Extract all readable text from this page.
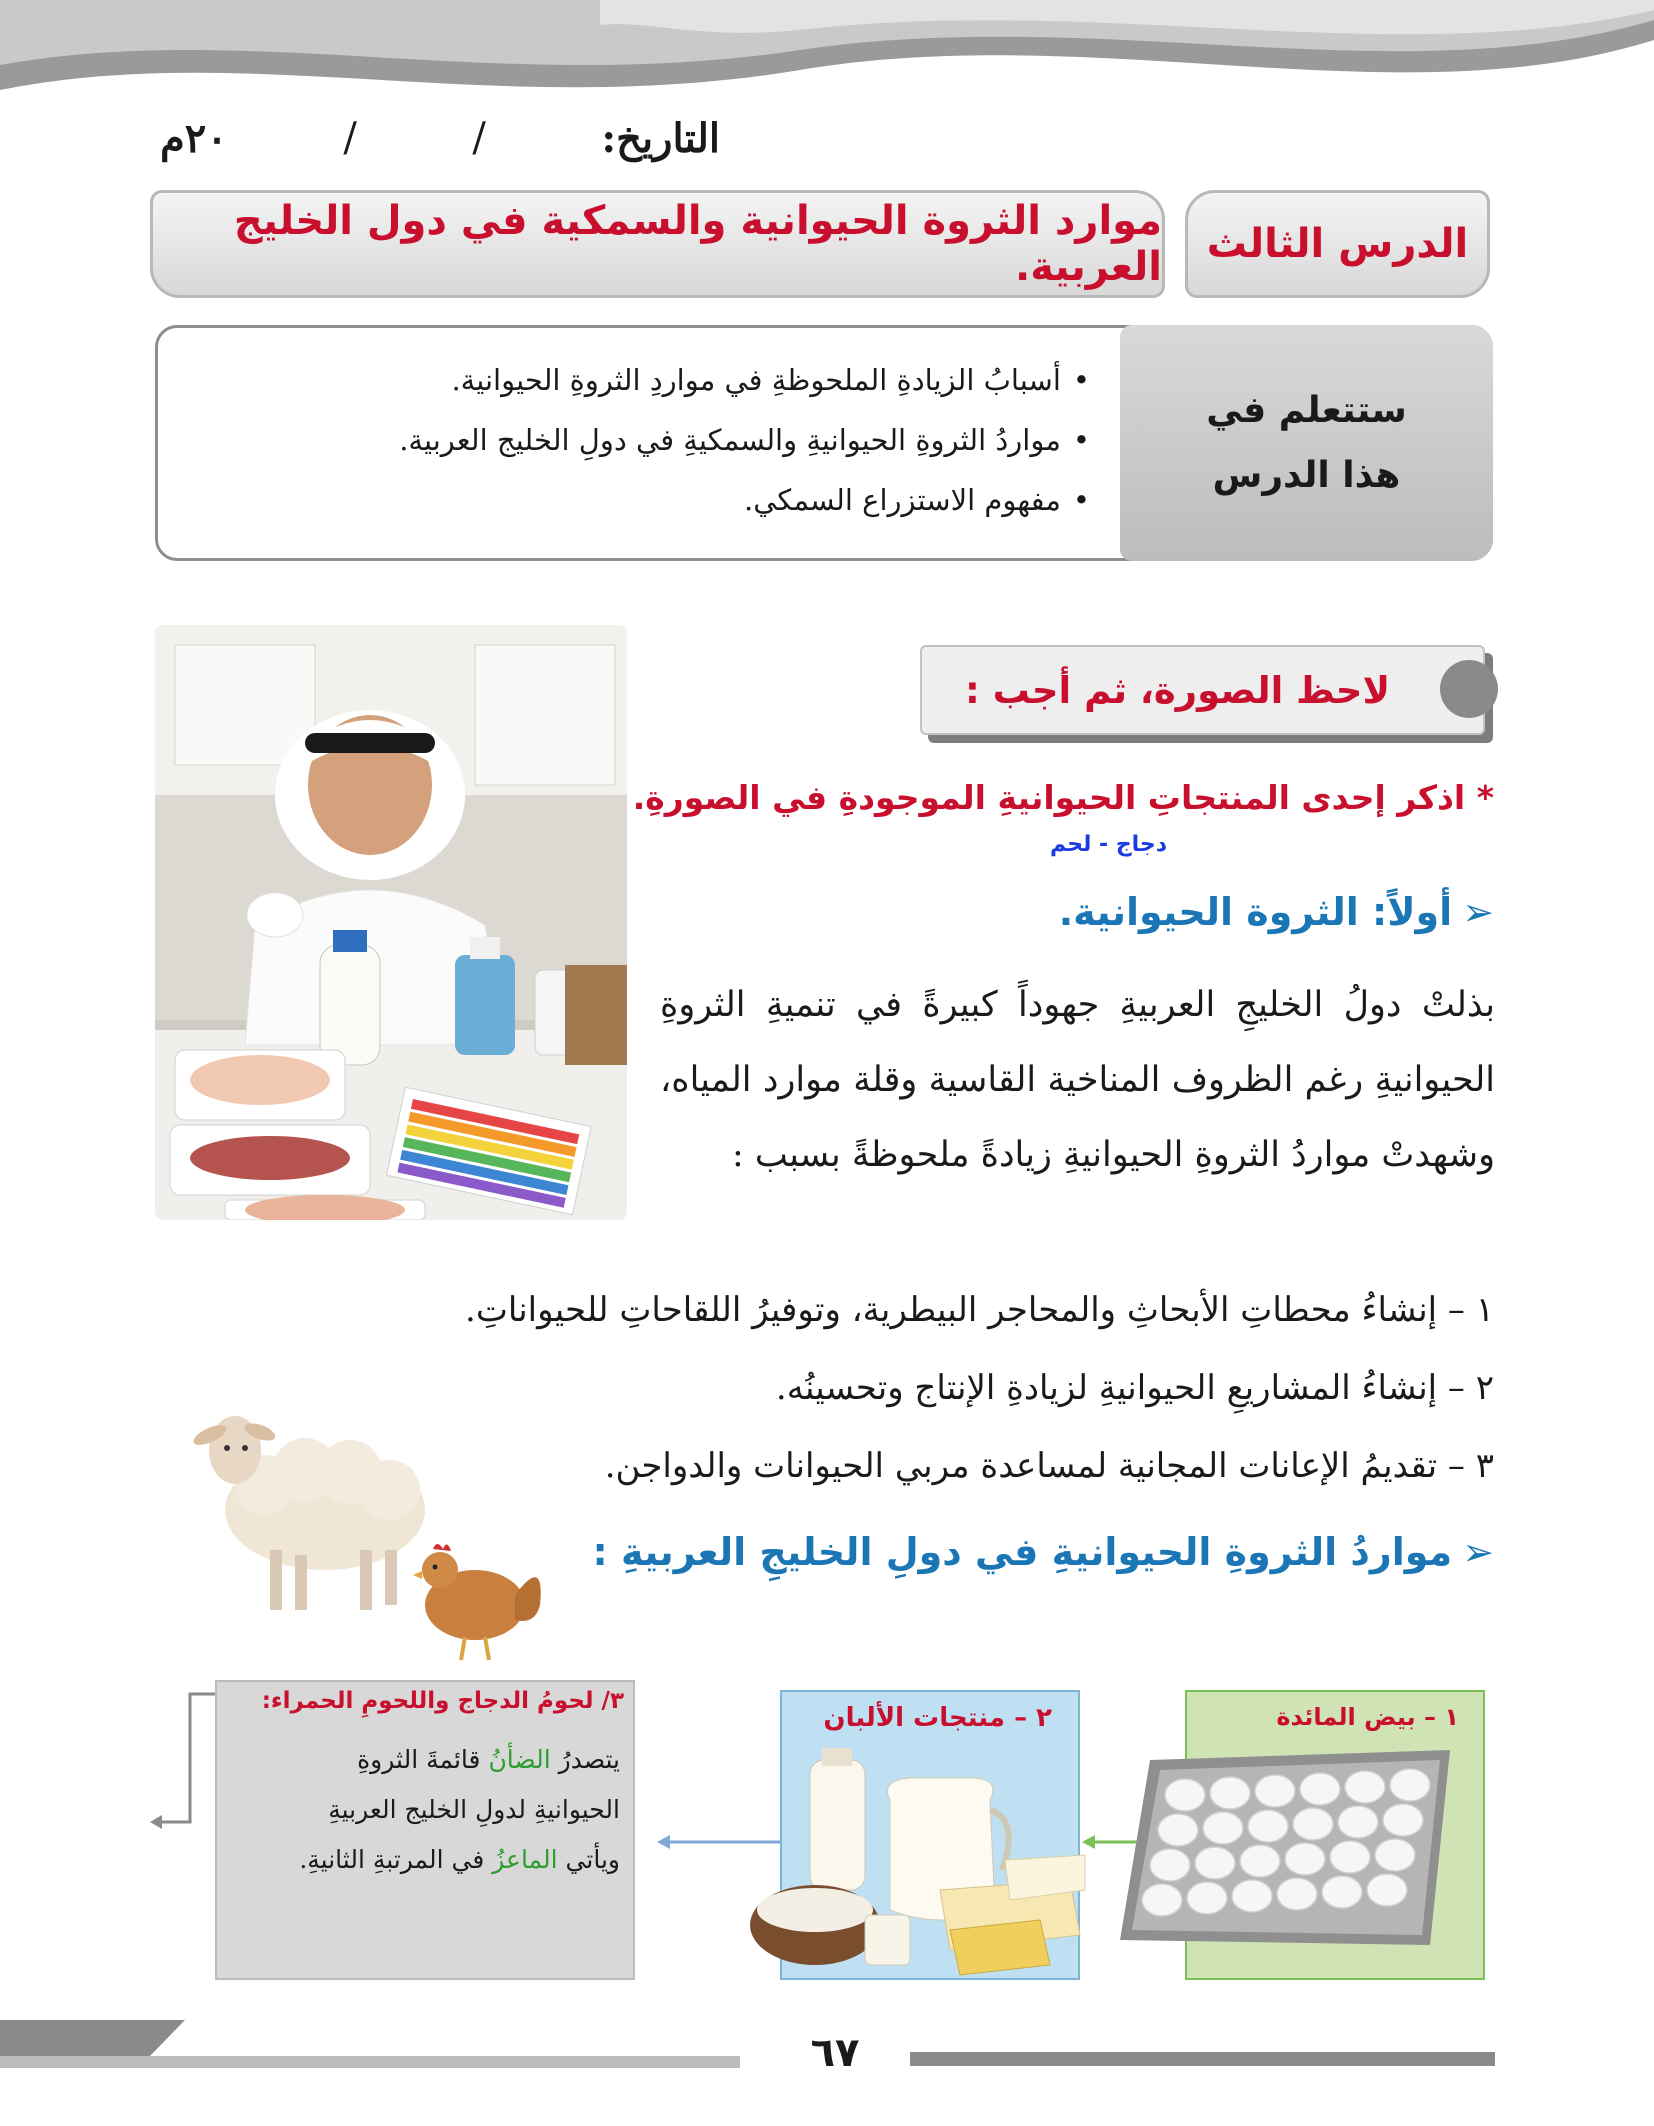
التاريخ:
/
/
٢٠م
الدرس الثالث
موارد الثروة الحيوانية والسمكية في دول الخليج العربية.
ستتعلم في
هذا الدرس
• أسبابُ الزيادةِ الملحوظةِ في مواردِ الثروةِ الحيوانية.
• مواردُ الثروةِ الحيوانيةِ والسمكيةِ في دولِ الخليج العربية.
• مفهوم الاستزراع السمكي.
لاحظ الصورة، ثم أجب :
* اذكر إحدى المنتجاتِ الحيوانيةِ الموجودةِ في الصورةِ.
دجاج - لحم
➢أولاً: الثروة الحيوانية.

بذلتْ دولُ الخليجِ العربيةِ جهوداً كبيرةً في تنميةِ الثروةِ الحيوانيةِ رغم الظروف المناخية القاسية وقلة موارد المياه، وشهدتْ مواردُ الثروةِ الحيوانيةِ زيادةً ملحوظةً بسبب :

١ – إنشاءُ محطاتِ الأبحاثِ والمحاجر البيطرية، وتوفيرُ اللقاحاتِ للحيواناتِ.
٢ – إنشاءُ المشاريعِ الحيوانيةِ لزيادةِ الإنتاج وتحسينُه.
٣ – تقديمُ الإعانات المجانية لمساعدة مربي الحيوانات والدواجن.
➢مواردُ الثروةِ الحيوانيةِ في دولِ الخليجِ العربيةِ :
١ – بيض المائدة
٢ – منتجات الألبان
٣/ لحومُ الدجاج واللحومِ الحمراء:
يتصدرُ الضأنُ قائمةَ الثروةِ
الحيوانيةِ لدولِ الخليج العربيةِ
ويأتي الماعزُ في المرتبةِ الثانيةِ.
٦٧
